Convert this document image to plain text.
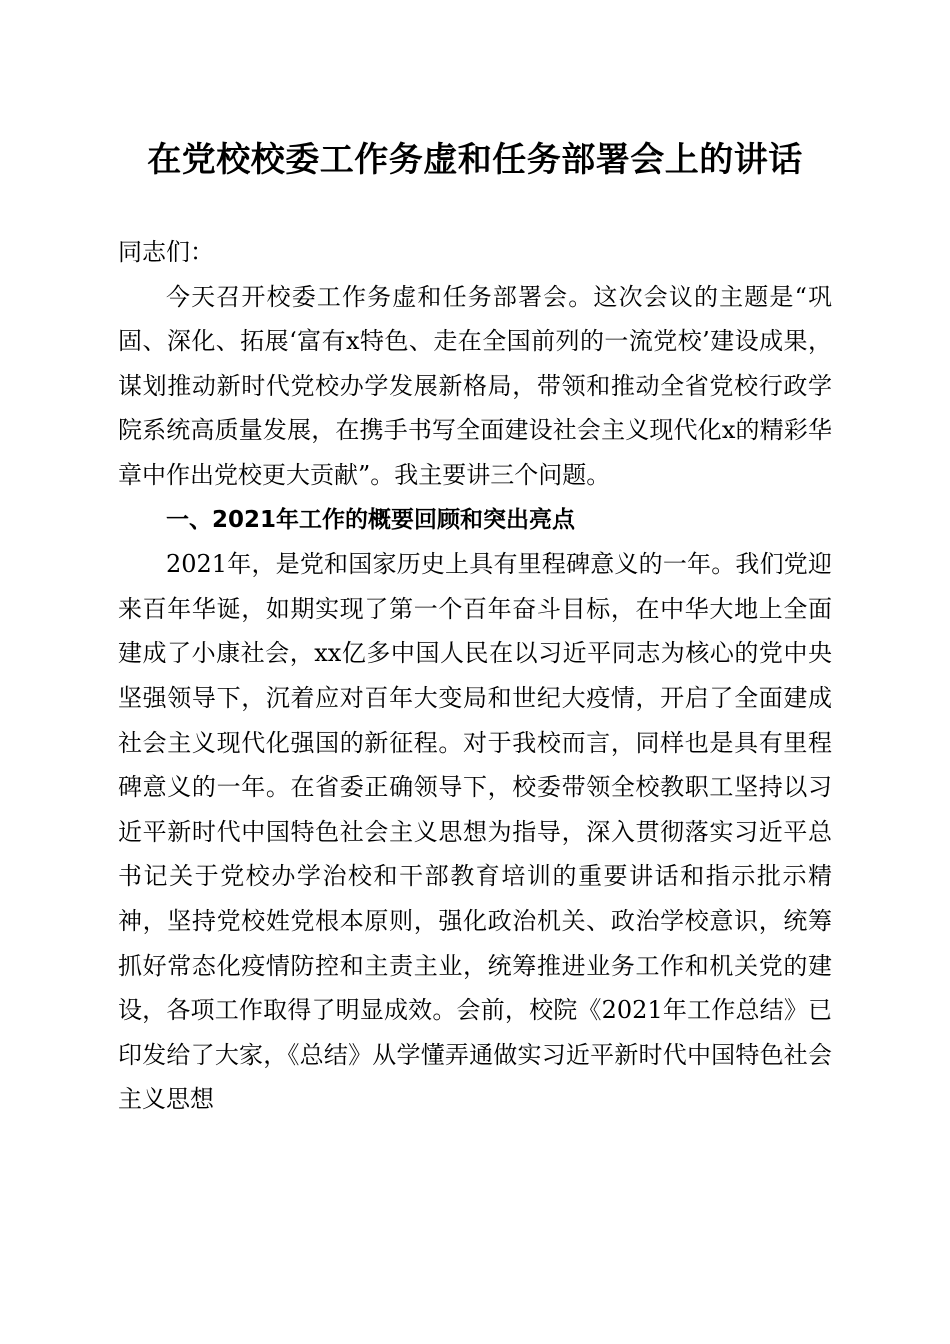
在党校校委工作务虚和任务部署会上的讲话

同志们：

今天召开校委工作务虚和任务部署会。这次会议的主题是“巩固、深化、拓展‘富有x特色、走在全国前列的一流党校’建设成果，谋划推动新时代党校办学发展新格局，带领和推动全省党校行政学院系统高质量发展，在携手书写全面建设社会主义现代化x的精彩华章中作出党校更大贡献”。我主要讲三个问题。

一、2021年工作的概要回顾和突出亮点

2021年，是党和国家历史上具有里程碑意义的一年。我们党迎来百年华诞，如期实现了第一个百年奋斗目标，在中华大地上全面建成了小康社会，xx亿多中国人民在以习近平同志为核心的党中央坚强领导下，沉着应对百年大变局和世纪大疫情，开启了全面建成社会主义现代化强国的新征程。对于我校而言，同样也是具有里程碑意义的一年。在省委正确领导下，校委带领全校教职工坚持以习近平新时代中国特色社会主义思想为指导，深入贯彻落实习近平总书记关于党校办学治校和干部教育培训的重要讲话和指示批示精神，坚持党校姓党根本原则，强化政治机关、政治学校意识，统筹抓好常态化疫情防控和主责主业，统筹推进业务工作和机关党的建设，各项工作取得了明显成效。会前，校院《2021年工作总结》已印发给了大家，《总结》从学懂弄通做实习近平新时代中国特色社会主义思想
